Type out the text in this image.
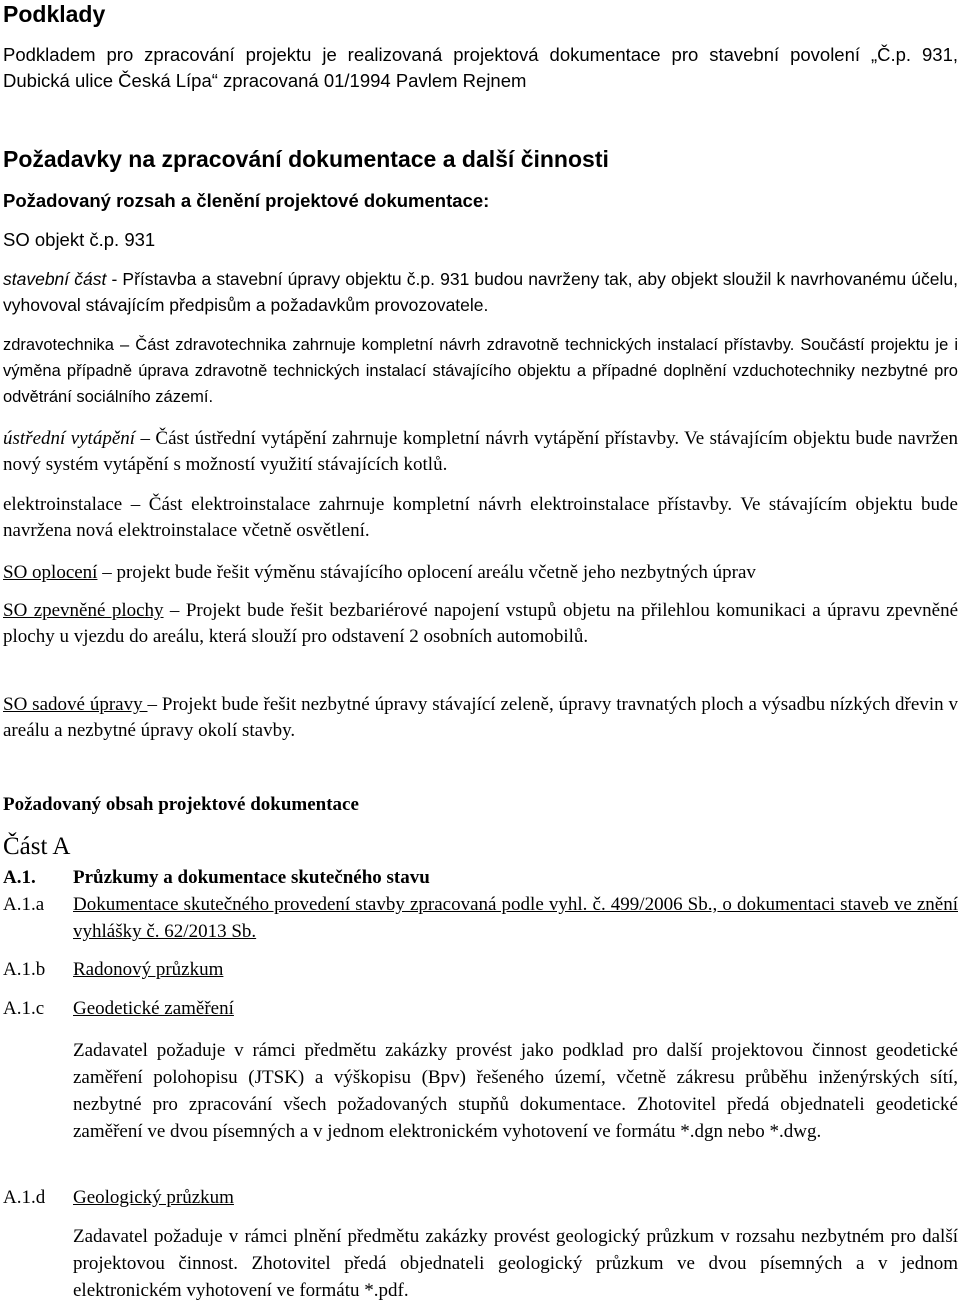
Podklady

Podkladem pro zpracování projektu je realizovaná projektová dokumentace pro stavební povolení „Č.p. 931, Dubická ulice Česká Lípa“ zpracovaná 01/1994 Pavlem Rejnem

Požadavky na zpracování dokumentace a další činnosti
Požadovaný rozsah a členění projektové dokumentace:
SO objekt č.p. 931

stavební část - Přístavba a stavební úpravy objektu č.p. 931 budou navrženy tak, aby objekt sloužil k navrhovanému účelu, vyhovoval stávajícím předpisům a požadavkům provozovatele.

zdravotechnika – Část zdravotechnika zahrnuje kompletní návrh zdravotně technických instalací přístavby. Součástí projektu je i výměna případně úprava zdravotně technických instalací stávajícího objektu a případné doplnění vzduchotechniky nezbytné pro odvětrání sociálního zázemí.

ústřední vytápění – Část ústřední vytápění zahrnuje kompletní návrh vytápění přístavby. Ve stávajícím objektu bude navržen nový systém vytápění s možností využití stávajících kotlů.

elektroinstalace – Část elektroinstalace zahrnuje kompletní návrh elektroinstalace přístavby. Ve stávajícím objektu bude navržena nová elektroinstalace včetně osvětlení.

SO oplocení – projekt bude řešit výměnu stávajícího oplocení areálu včetně jeho nezbytných úprav

SO zpevněné plochy – Projekt bude řešit bezbariérové napojení vstupů objetu na přilehlou komunikaci a úpravu zpevněné plochy u vjezdu do areálu, která slouží pro odstavení 2 osobních automobilů.

SO sadové úpravy – Projekt bude řešit nezbytné úpravy stávající zeleně, úpravy travnatých ploch a výsadbu nízkých dřevin v areálu a nezbytné úpravy okolí stavby.

Požadovaný obsah projektové dokumentace
Část A
A.1. Průzkumy a dokumentace skutečného stavu
A.1.a Dokumentace skutečného provedení stavby zpracovaná podle vyhl. č. 499/2006 Sb., o dokumentaci staveb ve znění vyhlášky č. 62/2013 Sb.
A.1.b Radonový průzkum
A.1.c Geodetické zaměření

Zadavatel požaduje v rámci předmětu zakázky provést jako podklad pro další projektovou činnost geodetické zaměření polohopisu (JTSK) a výškopisu (Bpv) řešeného území, včetně zákresu průběhu inženýrských sítí, nezbytné pro zpracování všech požadovaných stupňů dokumentace. Zhotovitel předá objednateli geodetické zaměření ve dvou písemných a v jednom elektronickém vyhotovení ve formátu *.dgn nebo *.dwg.

A.1.d Geologický průzkum

Zadavatel požaduje v rámci plnění předmětu zakázky provést geologický průzkum v rozsahu nezbytném pro další projektovou činnost. Zhotovitel předá objednateli geologický průzkum ve dvou písemných a v jednom elektronickém vyhotovení ve formátu *.pdf.
